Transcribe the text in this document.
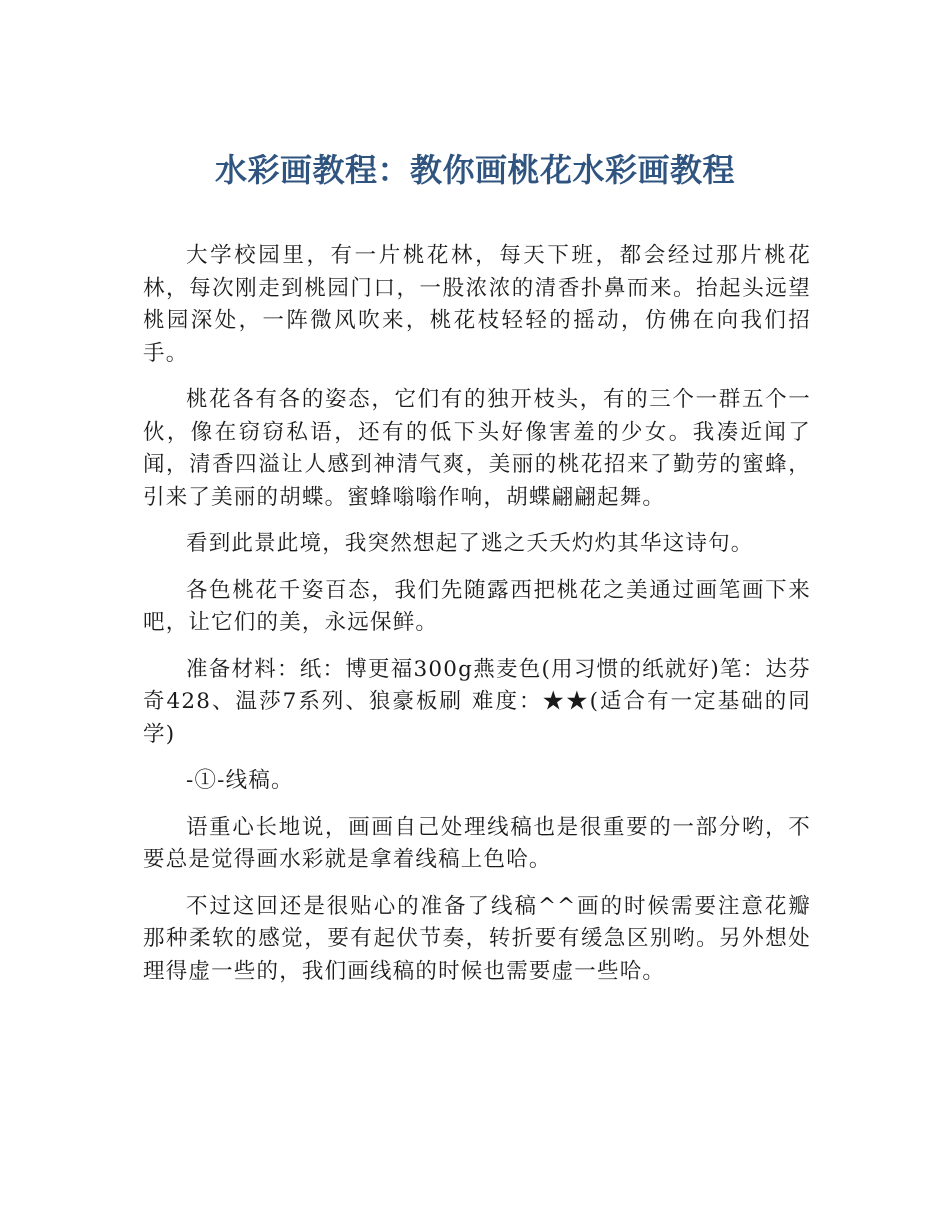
水彩画教程：教你画桃花水彩画教程

大学校园里，有一片桃花林，每天下班，都会经过那片桃花林，每次刚走到桃园门口，一股浓浓的清香扑鼻而来。抬起头远望桃园深处，一阵微风吹来，桃花枝轻轻的摇动，仿佛在向我们招手。

桃花各有各的姿态，它们有的独开枝头，有的三个一群五个一伙，像在窃窃私语，还有的低下头好像害羞的少女。我凑近闻了闻，清香四溢让人感到神清气爽，美丽的桃花招来了勤劳的蜜蜂，引来了美丽的胡蝶。蜜蜂嗡嗡作响，胡蝶翩翩起舞。

看到此景此境，我突然想起了逃之夭夭灼灼其华这诗句。

各色桃花千姿百态，我们先随露西把桃花之美通过画笔画下来吧，让它们的美，永远保鲜。

准备材料：纸：博更福300g燕麦色(用习惯的纸就好)笔：达芬奇428、温莎7系列、狼豪板刷 难度：★★(适合有一定基础的同学)

-①-线稿。

语重心长地说，画画自己处理线稿也是很重要的一部分哟，不要总是觉得画水彩就是拿着线稿上色哈。

不过这回还是很贴心的准备了线稿^^画的时候需要注意花瓣那种柔软的感觉，要有起伏节奏，转折要有缓急区别哟。另外想处理得虚一些的，我们画线稿的时候也需要虚一些哈。
